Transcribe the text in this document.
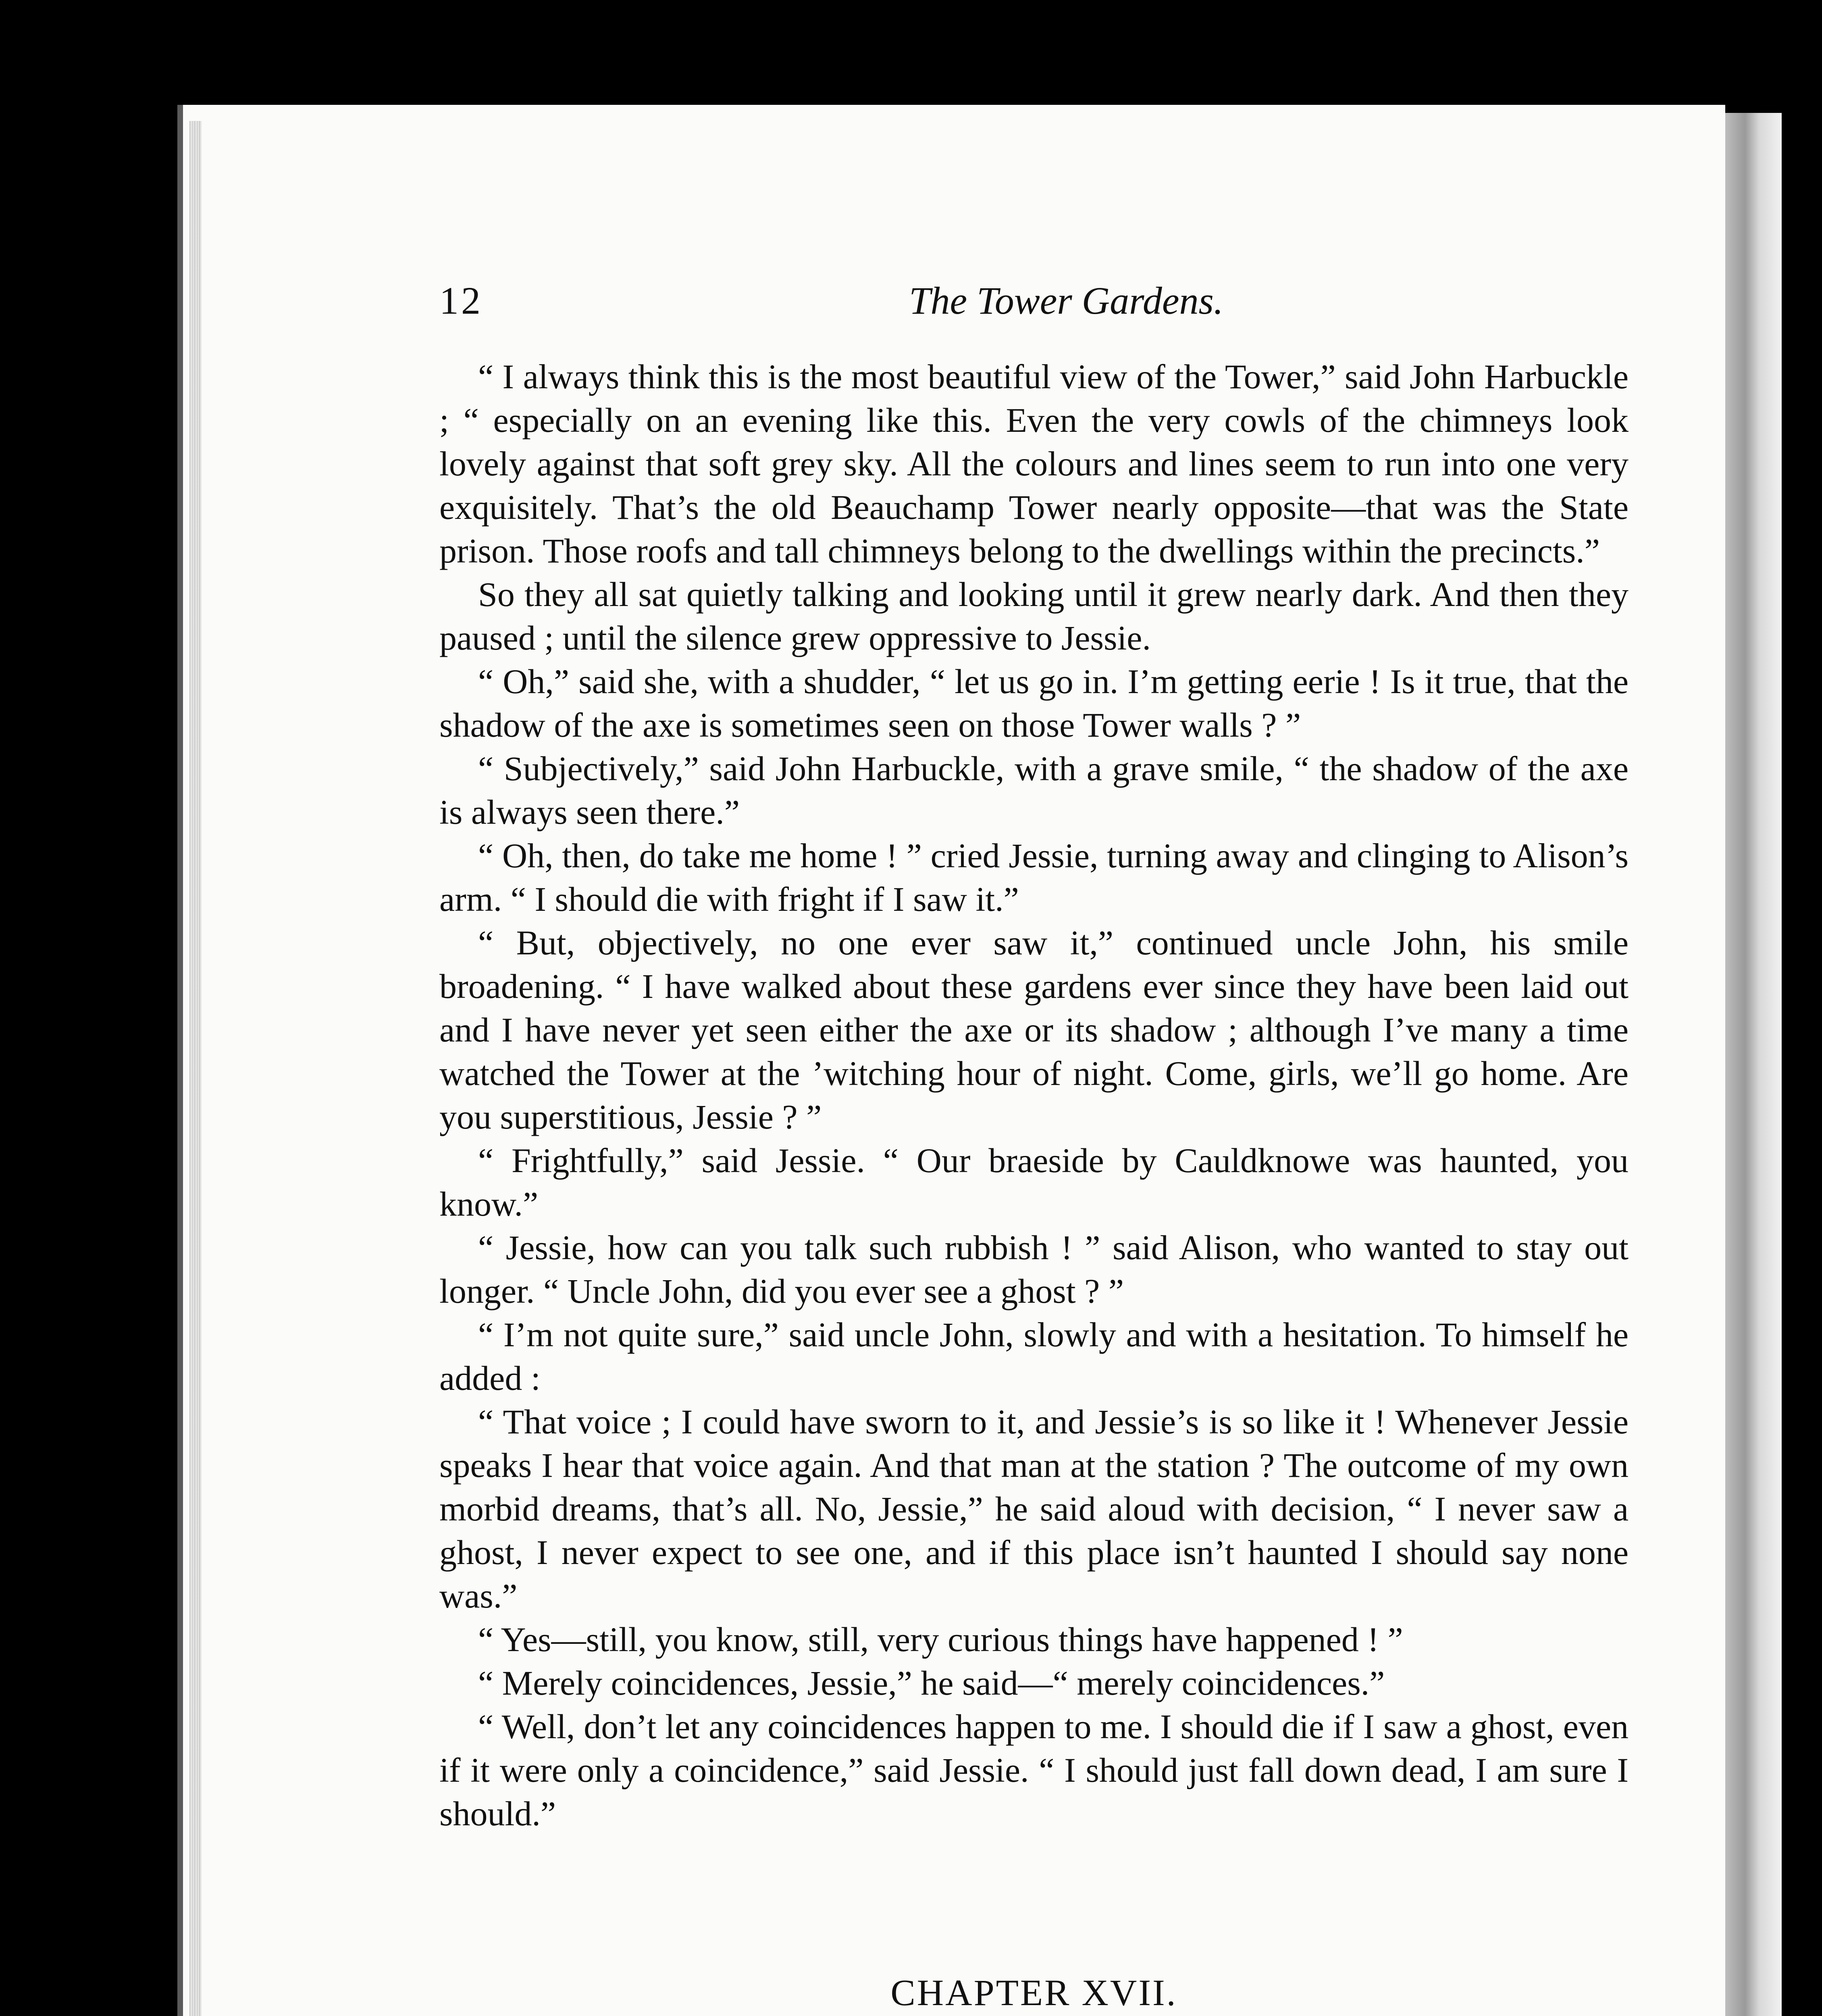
12	The Tower Gardens.

“ I always think this is the most beautiful view of the Tower,” said John Harbuckle ; “ especially on an evening like this. Even the very cowls of the chimneys look lovely against that soft grey sky. All the colours and lines seem to run into one very exquisitely. That’s the old Beauchamp Tower nearly opposite—that was the State prison. Those roofs and tall chimneys belong to the dwellings within the precincts.”

So they all sat quietly talking and looking until it grew nearly dark. And then they paused ; until the silence grew oppressive to Jessie.

“ Oh,” said she, with a shudder, “ let us go in. I’m getting eerie ! Is it true, that the shadow of the axe is sometimes seen on those Tower walls ? ”

“ Subjectively,” said John Harbuckle, with a grave smile, “ the shadow of the axe is always seen there.”

“ Oh, then, do take me home ! ” cried Jessie, turning away and clinging to Alison’s arm. “ I should die with fright if I saw it.”

“ But, objectively, no one ever saw it,” continued uncle John, his smile broadening. “ I have walked about these gardens ever since they have been laid out and I have never yet seen either the axe or its shadow ; although I’ve many a time watched the Tower at the ’witching hour of night. Come, girls, we’ll go home. Are you superstitious, Jessie ? ”

“ Frightfully,” said Jessie. “ Our braeside by Cauldknowe was haunted, you know.”

“ Jessie, how can you talk such rubbish ! ” said Alison, who wanted to stay out longer. “ Uncle John, did you ever see a ghost ? ”

“ I’m not quite sure,” said uncle John, slowly and with a hesitation. To himself he added :

“ That voice ; I could have sworn to it, and Jessie’s is so like it ! Whenever Jessie speaks I hear that voice again. And that man at the station ? The outcome of my own morbid dreams, that’s all. No, Jessie,” he said aloud with decision, “ I never saw a ghost, I never expect to see one, and if this place isn’t haunted I should say none was.”

“ Yes—still, you know, still, very curious things have happened ! ”

“ Merely coincidences, Jessie,” he said—“ merely coincidences.”

“ Well, don’t let any coincidences happen to me. I should die if I saw a ghost, even if it were only a coincidence,” said Jessie. “ I should just fall down dead, I am sure I should.”

CHAPTER XVII.
